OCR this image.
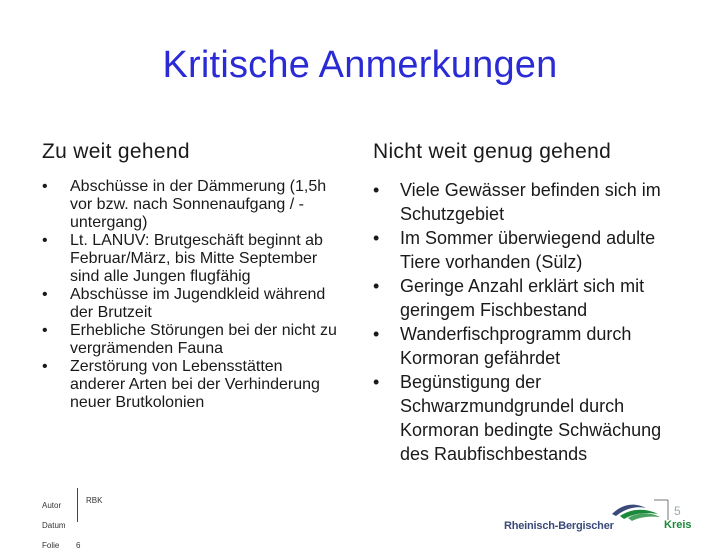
Kritische Anmerkungen
Zu weit gehend
• Abschüsse in der Dämmerung (1,5h vor bzw. nach Sonnenaufgang / -untergang)
• Lt. LANUV: Brutgeschäft beginnt ab Februar/März, bis Mitte September sind alle Jungen flugfähig
• Abschüsse im Jugendkleid während der Brutzeit
• Erhebliche Störungen bei der nicht zu vergrämenden Fauna
• Zerstörung von Lebensstätten anderer Arten bei der Verhinderung neuer Brutkolonien
Nicht weit genug gehend
• Viele Gewässer befinden sich im Schutzgebiet
• Im Sommer überwiegend adulte Tiere vorhanden (Sülz)
• Geringe Anzahl erklärt sich mit geringem Fischbestand
• Wanderfischprogramm durch Kormoran gefährdet
• Begünstigung der Schwarzmundgrundel durch Kormoran bedingte Schwächung des Raubfischbestands
Autor
Datum
Folie	6
RBK
Rheinisch-Bergischer	Kreis
5
